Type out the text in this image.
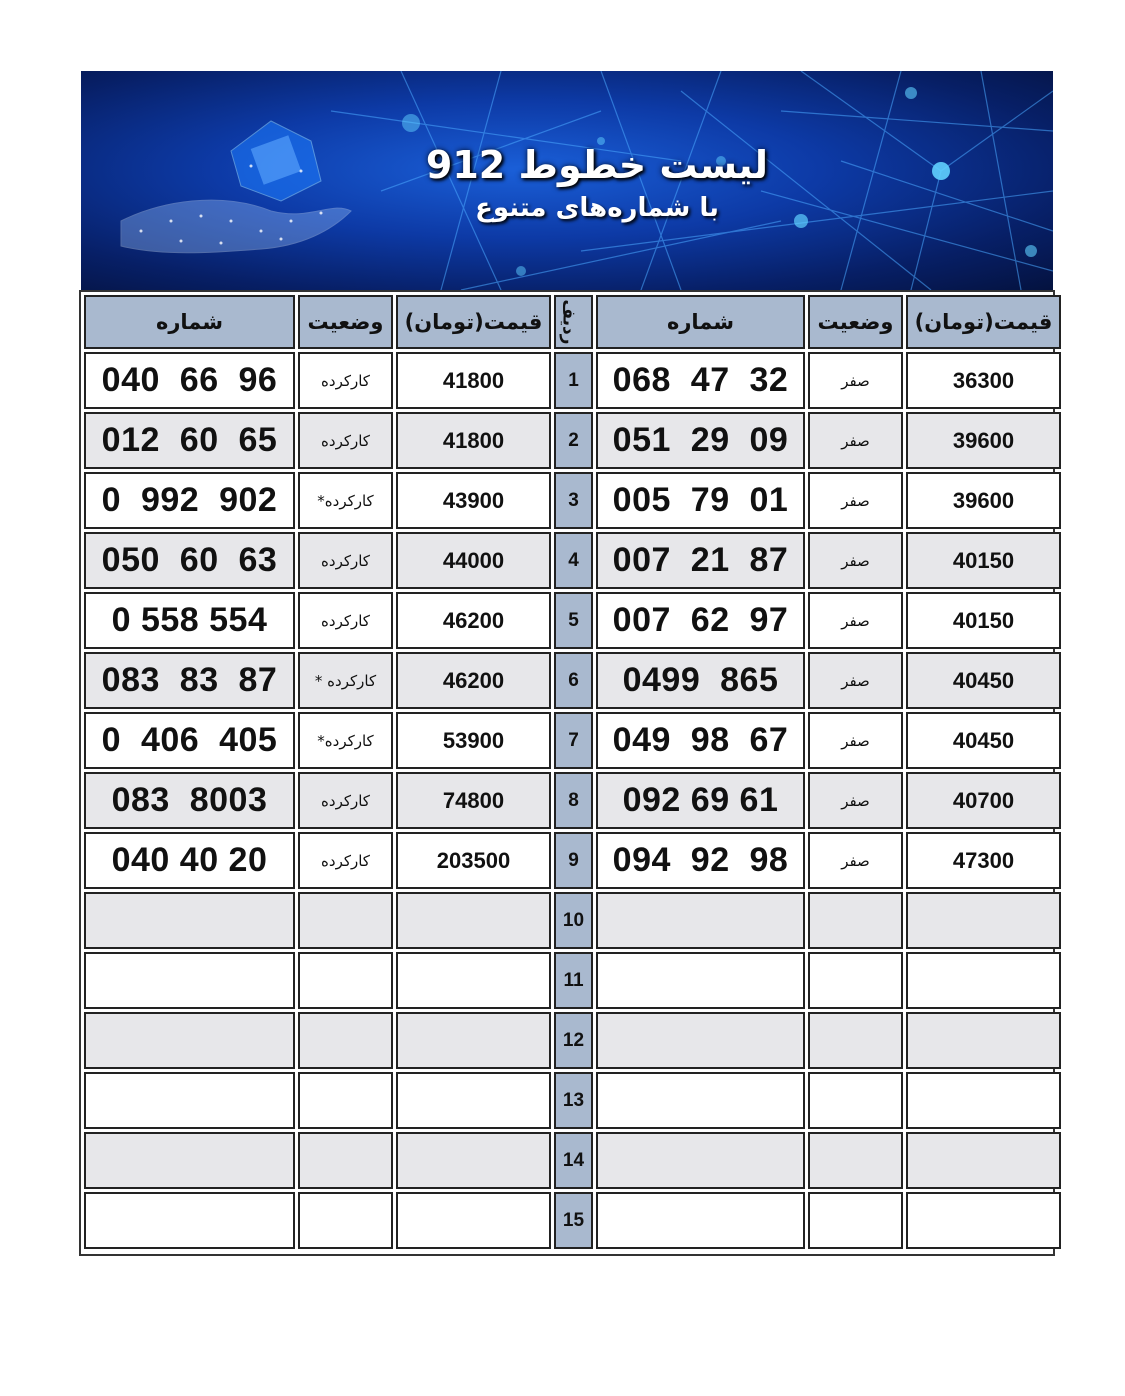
لیست خطوط 912
با شماره‌های متنوع
شماره	وضعیت	قیمت(تومان)	ردیف	شماره	وضعیت	قیمت(تومان)
040  66  96	کارکرده	41800	1	068  47  32	صفر	36300
012  60  65	کارکرده	41800	2	051  29  09	صفر	39600
0  992  902	کارکرده*	43900	3	005  79  01	صفر	39600
050  60  63	کارکرده	44000	4	007  21  87	صفر	40150
0 558 554	کارکرده	46200	5	007  62  97	صفر	40150
083  83  87	کارکرده *	46200	6	0499  865	صفر	40450
0  406  405	کارکرده*	53900	7	049  98  67	صفر	40450
083  8003	کارکرده	74800	8	092 69 61	صفر	40700
040 40 20	کارکرده	203500	9	094  92  98	صفر	47300
			10			
			11			
			12			
			13			
			14			
			15			
